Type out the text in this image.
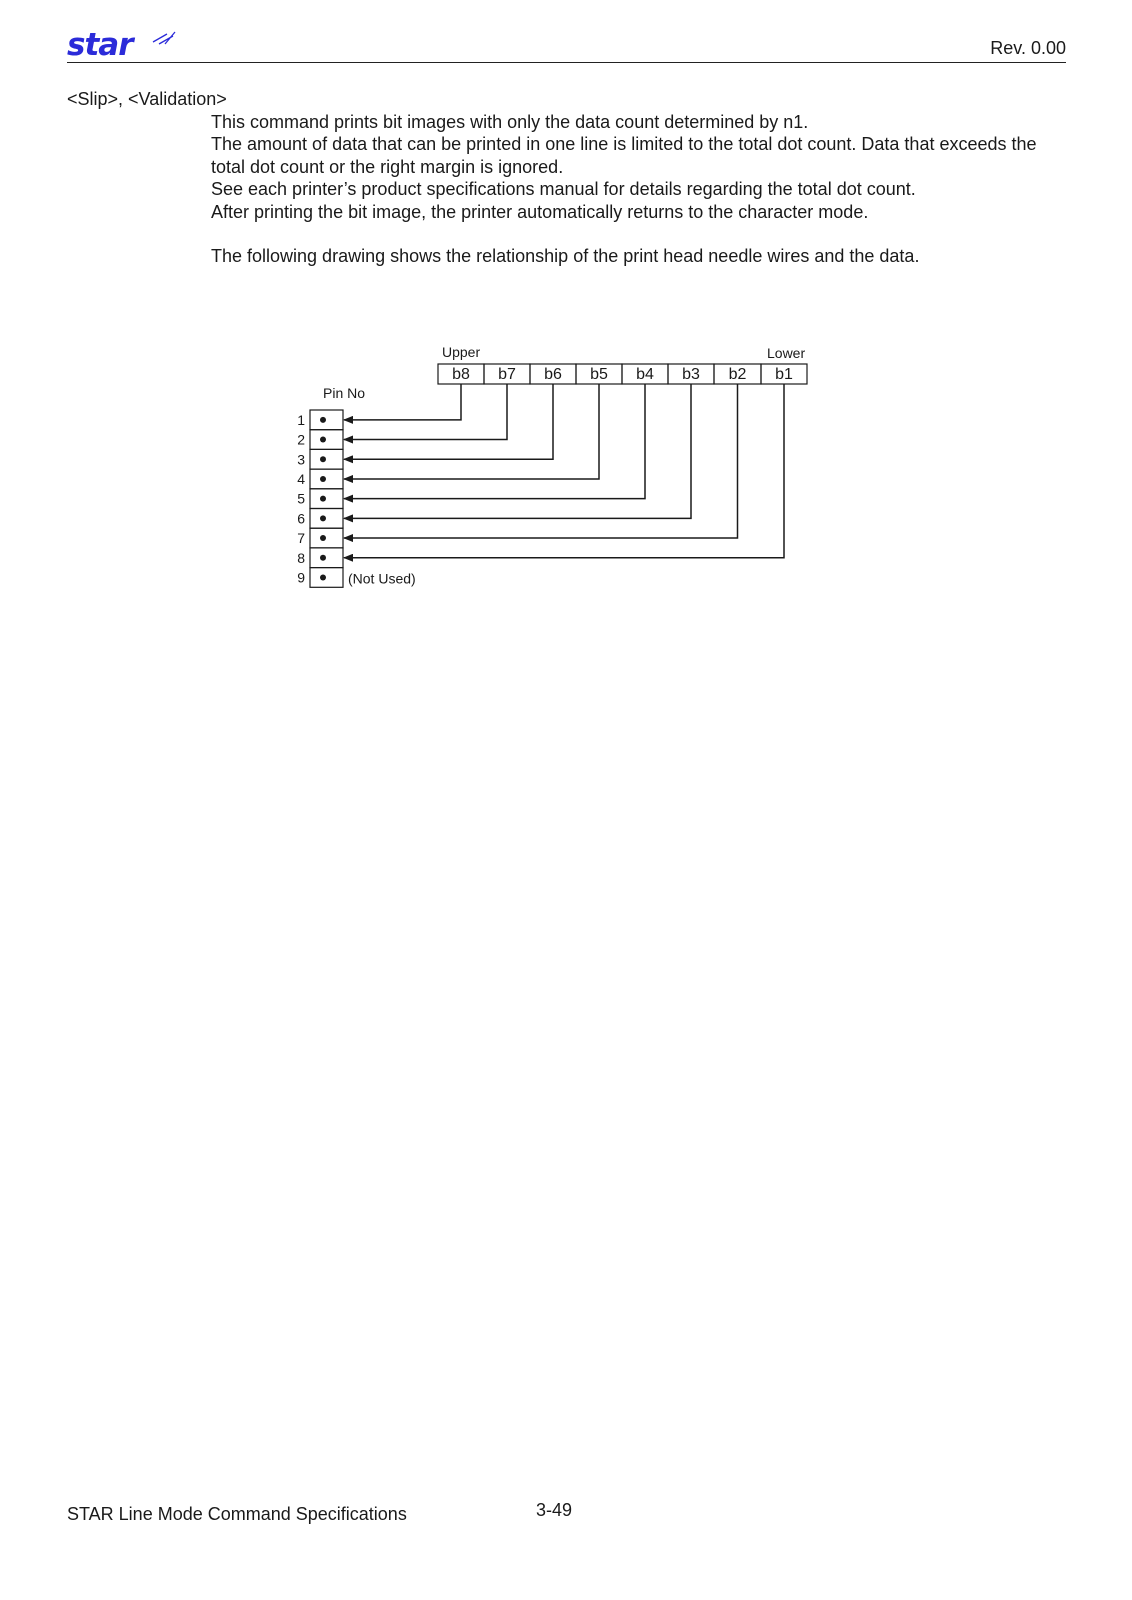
star	Rev. 0.00
<Slip>, <Validation>

This command prints bit images with only the data count determined by n1.

The amount of data that can be printed in one line is limited to the total dot count. Data that exceeds the total dot count or the right margin is ignored.

See each printer’s product specifications manual for details regarding the total dot count.

After printing the bit image, the printer automatically returns to the character mode.

The following drawing shows the relationship of the print head needle wires and the data.

Upper	Lower
Pin No
b8 b7 b6 b5 b4 b3 b2 b1
1
2
3
4
5
6
7
8
9	(Not Used)
STAR Line Mode Command Specifications	3-49
